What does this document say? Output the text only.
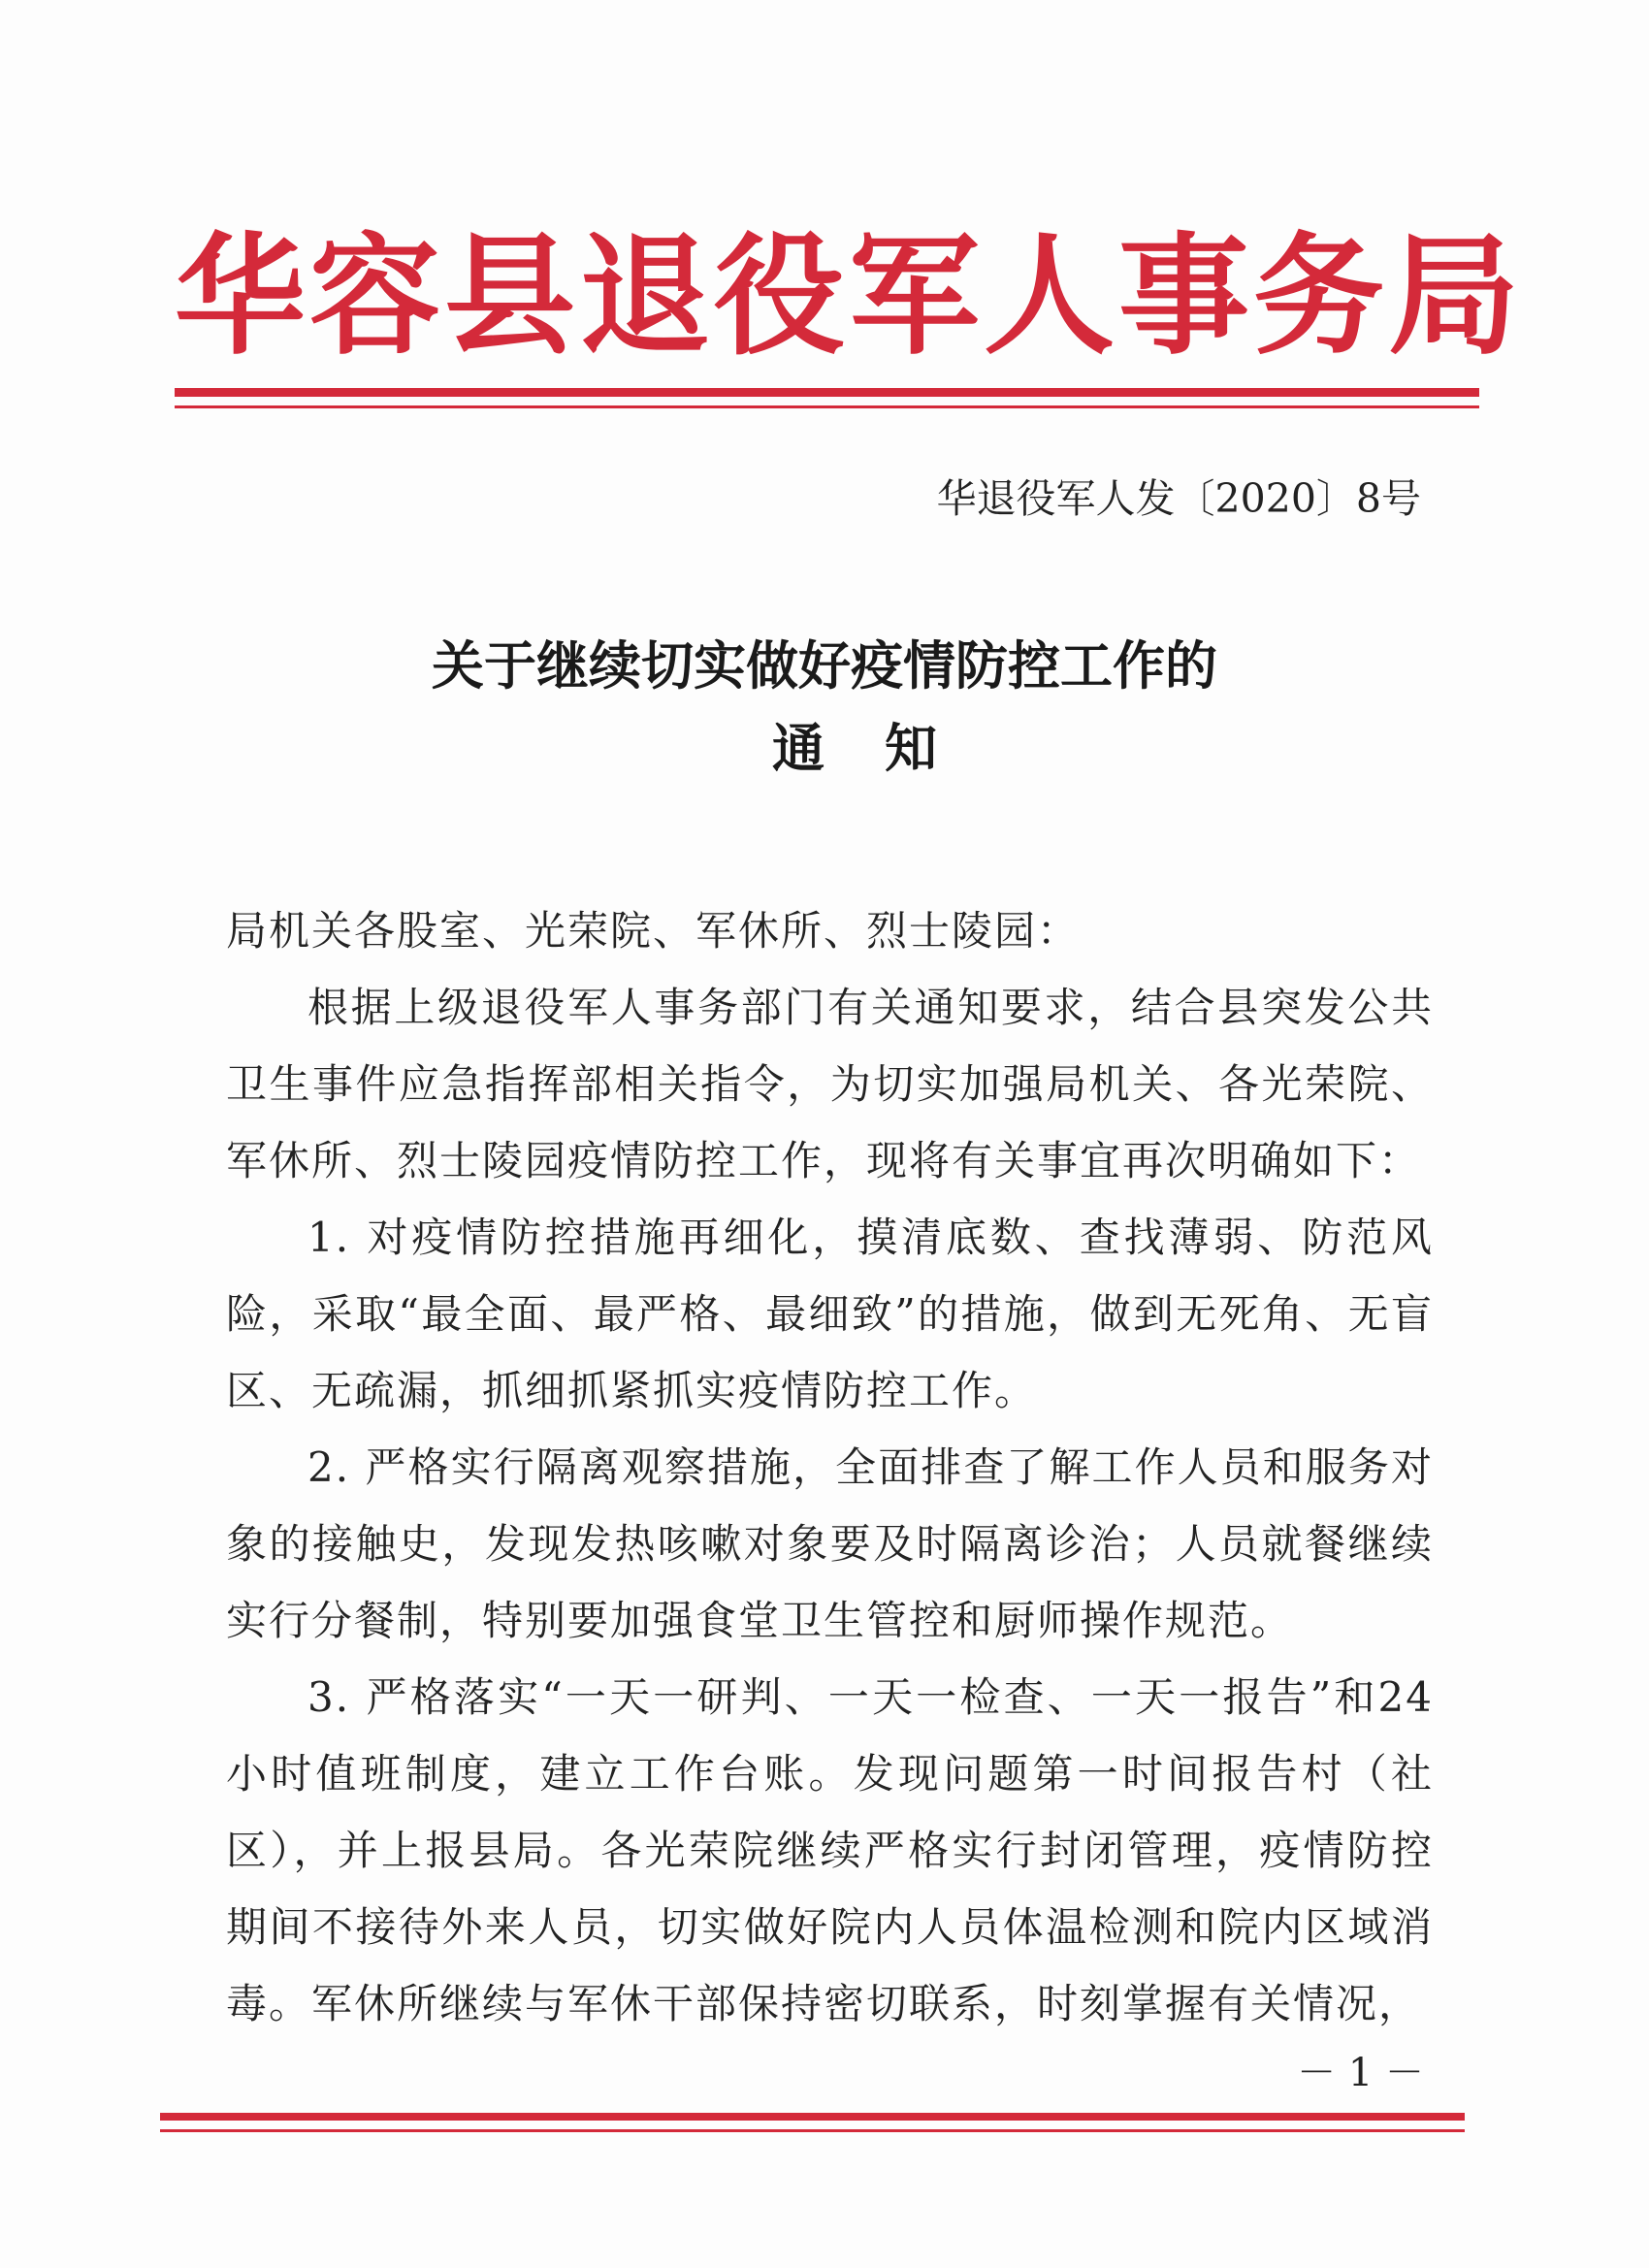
华容县退役军人事务局
华退役军人发〔2020〕8号
关于继续切实做好疫情防控工作的
通知

局机关各股室、光荣院、军休所、烈士陵园：

根据上级退役军人事务部门有关通知要求，结合县突发公共卫生事件应急指挥部相关指令，为切实加强局机关、各光荣院、军休所、烈士陵园疫情防控工作，现将有关事宜再次明确如下：

1. 对疫情防控措施再细化，摸清底数、查找薄弱、防范风险，采取“最全面、最严格、最细致”的措施，做到无死角、无盲区、无疏漏，抓细抓紧抓实疫情防控工作。

2. 严格实行隔离观察措施，全面排查了解工作人员和服务对象的接触史，发现发热咳嗽对象要及时隔离诊治；人员就餐继续实行分餐制，特别要加强食堂卫生管控和厨师操作规范。

3. 严格落实“一天一研判、一天一检查、一天一报告”和24小时值班制度，建立工作台账。发现问题第一时间报告村（社区），并上报县局。各光荣院继续严格实行封闭管理，疫情防控期间不接待外来人员，切实做好院内人员体温检测和院内区域消毒。军休所继续与军休干部保持密切联系，时刻掌握有关情况，

－ 1 －
